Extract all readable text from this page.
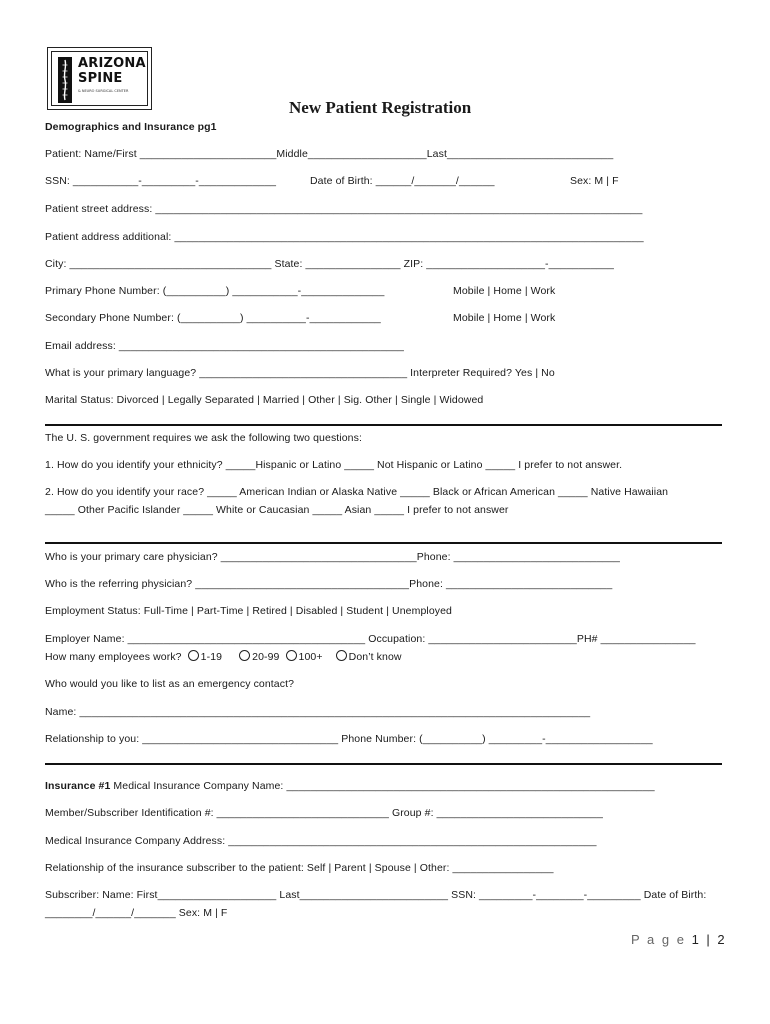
ARIZONA
SPINE
& NEURO SURGICAL CENTER
New Patient Registration
Demographics and Insurance pg1
Patient: Name/First _______________________Middle____________________Last____________________________
SSN: ___________-_________-_____________	Date of Birth: ______/_______/______	Sex: M | F
Patient street address: __________________________________________________________________________________
Patient address additional: _______________________________________________________________________________
City: __________________________________ State: ________________ ZIP: ____________________-___________
Primary Phone Number: (__________) ___________-______________	Mobile | Home | Work
Secondary Phone Number: (__________) __________-____________	Mobile | Home | Work
Email address: ________________________________________________
What is your primary language? ___________________________________ Interpreter Required? Yes | No
Marital Status: Divorced | Legally Separated | Married | Other | Sig. Other | Single | Widowed
The U. S. government requires we ask the following two questions:
1. How do you identify your ethnicity? _____Hispanic or Latino _____ Not Hispanic or Latino _____ I prefer to not answer.
2. How do you identify your race? _____ American Indian or Alaska Native _____ Black or African American _____ Native Hawaiian
_____ Other Pacific Islander _____ White or Caucasian _____ Asian _____ I prefer to not answer
Who is your primary care physician? _________________________________Phone: ____________________________
Who is the referring physician? ____________________________________Phone: ____________________________
Employment Status: Full-Time | Part-Time | Retired | Disabled | Student | Unemployed
Employer Name: ________________________________________ Occupation: _________________________PH# ________________
How many employees work? 1-19	20-99 100+ Don’t know
Who would you like to list as an emergency contact?
Name: ______________________________________________________________________________________
Relationship to you: _________________________________ Phone Number: (__________) _________-__________________
Insurance #1 Medical Insurance Company Name: ______________________________________________________________
Member/Subscriber Identification #: _____________________________ Group #: ____________________________
Medical Insurance Company Address: ______________________________________________________________
Relationship of the insurance subscriber to the patient: Self | Parent | Spouse | Other: _________________
Subscriber: Name: First____________________ Last_________________________ SSN: _________-________-_________ Date of Birth:
________/______/_______ Sex: M | F
P a g e 1 | 2
